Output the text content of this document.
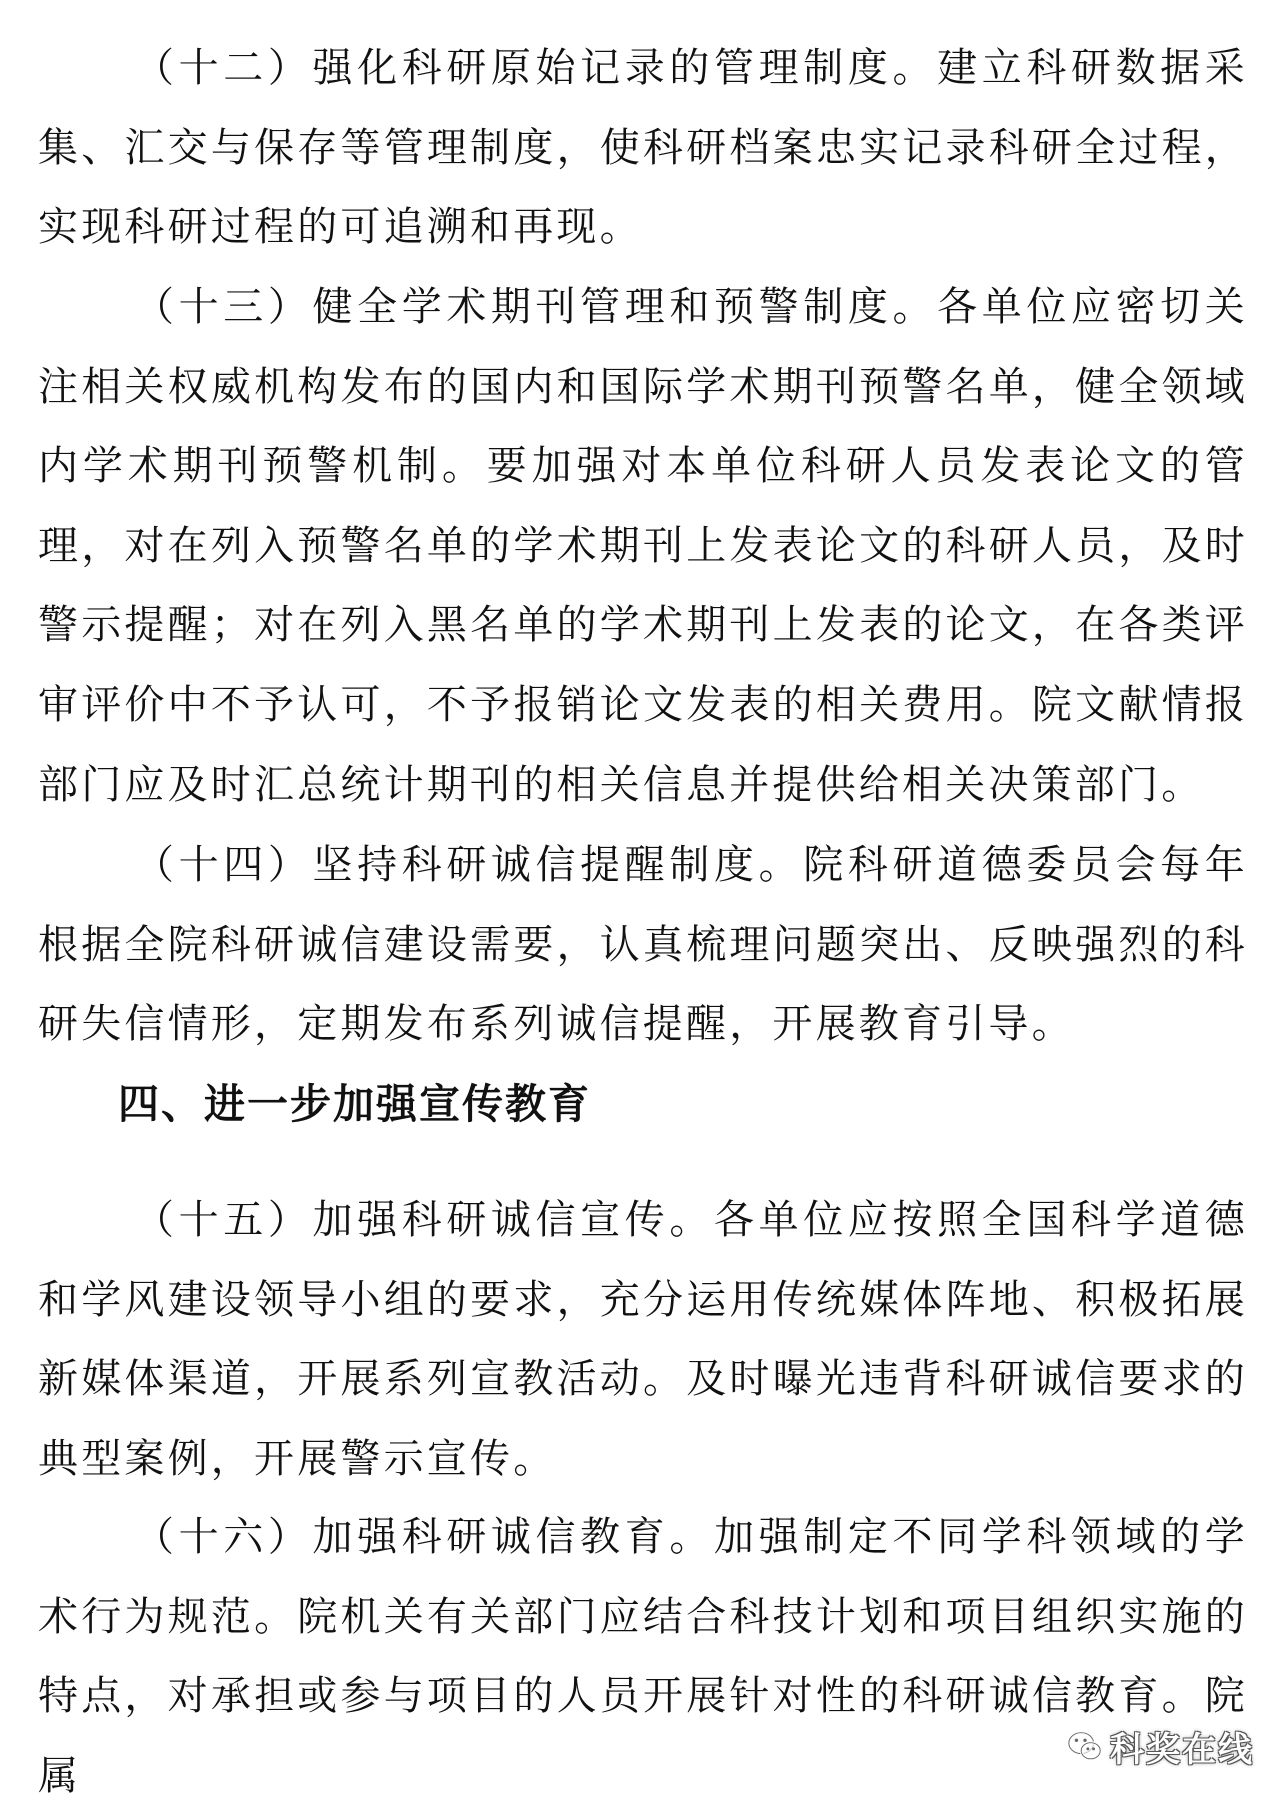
（十二）强化科研原始记录的管理制度。建立科研数据采集、汇交与保存等管理制度，使科研档案忠实记录科研全过程，实现科研过程的可追溯和再现。

（十三）健全学术期刊管理和预警制度。各单位应密切关注相关权威机构发布的国内和国际学术期刊预警名单，健全领域内学术期刊预警机制。要加强对本单位科研人员发表论文的管理，对在列入预警名单的学术期刊上发表论文的科研人员，及时警示提醒；对在列入黑名单的学术期刊上发表的论文，在各类评审评价中不予认可，不予报销论文发表的相关费用。院文献情报部门应及时汇总统计期刊的相关信息并提供给相关决策部门。

（十四）坚持科研诚信提醒制度。院科研道德委员会每年根据全院科研诚信建设需要，认真梳理问题突出、反映强烈的科研失信情形，定期发布系列诚信提醒，开展教育引导。

四、进一步加强宣传教育

（十五）加强科研诚信宣传。各单位应按照全国科学道德和学风建设领导小组的要求，充分运用传统媒体阵地、积极拓展新媒体渠道，开展系列宣教活动。及时曝光违背科研诚信要求的典型案例，开展警示宣传。

（十六）加强科研诚信教育。加强制定不同学科领域的学术行为规范。院机关有关部门应结合科技计划和项目组织实施的特点，对承担或参与项目的人员开展针对性的科研诚信教育。院属

科奖在线
